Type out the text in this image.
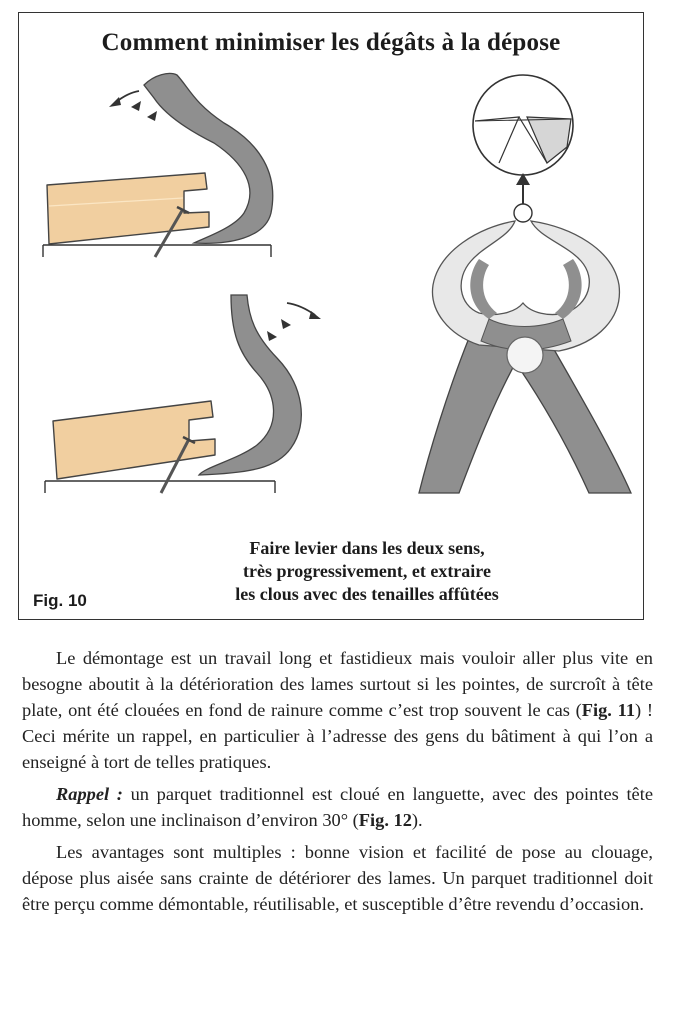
Comment minimiser les dégâts à la dépose
Faire levier dans les deux sens,
très progressivement, et extraire
les clous avec des tenailles affûtées
Fig. 10

Le démontage est un travail long et fastidieux mais vouloir aller plus vite en besogne aboutit à la détérioration des lames surtout si les pointes, de surcroît à tête plate, ont été clouées en fond de rainure comme c’est trop souvent le cas (Fig. 11) ! Ceci mérite un rappel, en particulier à l’adresse des gens du bâtiment à qui l’on a enseigné à tort de telles pratiques.

Rappel : un parquet traditionnel est cloué en languette, avec des pointes tête homme, selon une inclinaison d’environ 30° (Fig. 12).

Les avantages sont multiples : bonne vision et facilité de pose au clouage, dépose plus aisée sans crainte de détériorer des lames. Un parquet traditionnel doit être perçu comme démontable, réutilisable, et susceptible d’être revendu d’occasion.
